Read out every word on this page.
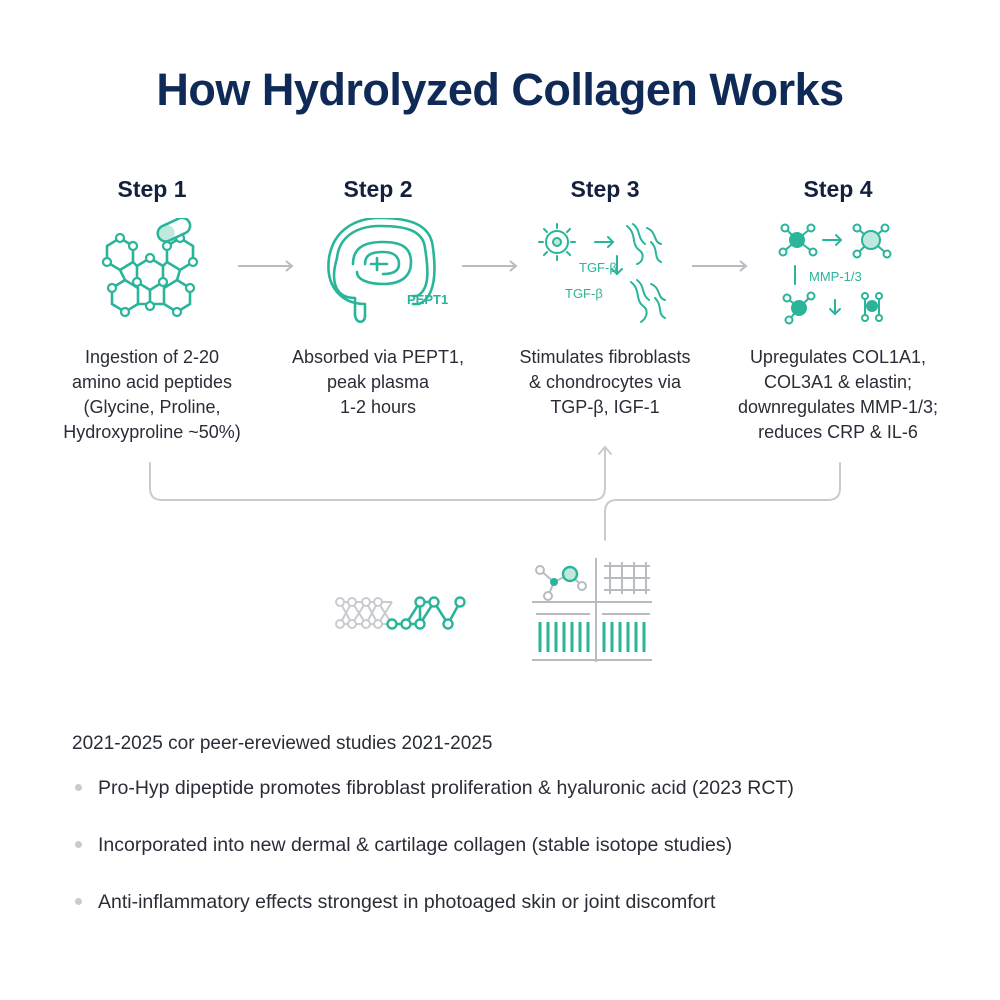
How Hydrolyzed Collagen Works
Step 1	Step 2	Step 3	Step 4
PEPT1
TGF-β
TGF-β
MMP-1/3
Ingestion of 2-20
amino acid peptides
(Glycine, Proline,
Hydroxyproline ~50%)
Absorbed via PEPT1,
peak plasma
1-2 hours
Stimulates fibroblasts
& chondrocytes via
TGP-β, IGF-1
Upregulates COL1A1,
COL3A1 & elastin;
downregulates MMP-1/3;
reduces CRP & IL-6
2021-2025 cor peer-ereviewed studies 2021-2025
Pro-Hyp dipeptide promotes fibroblast proliferation & hyaluronic acid (2023 RCT)
Incorporated into new dermal & cartilage collagen (stable isotope studies)
Anti-inflammatory effects strongest in photoaged skin or joint discomfort
